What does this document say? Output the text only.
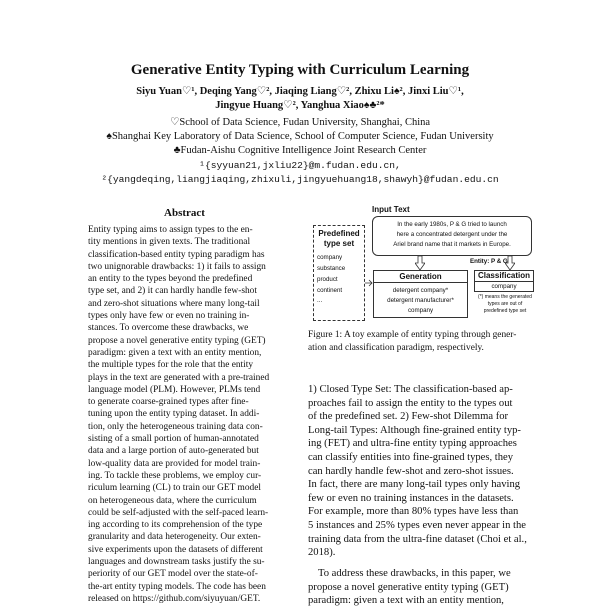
Generative Entity Typing with Curriculum Learning
Siyu Yuan♡¹, Deqing Yang♡², Jiaqing Liang♡², Zhixu Li♠², Jinxi Liu♡¹,
Jingyue Huang♡², Yanghua Xiao♠♣²*
♡School of Data Science, Fudan University, Shanghai, China
♠Shanghai Key Laboratory of Data Science, School of Computer Science, Fudan University
♣Fudan-Aishu Cognitive Intelligence Joint Research Center
¹{syyuan21,jxliu22}@m.fudan.edu.cn,
²{yangdeqing,liangjiaqing,zhixuli,jingyuehuang18,shawyh}@fudan.edu.cn
Abstract
Entity typing aims to assign types to the en-
tity mentions in given texts. The traditional
classification-based entity typing paradigm has
two unignorable drawbacks: 1) it fails to assign
an entity to the types beyond the predefined
type set, and 2) it can hardly handle few-shot
and zero-shot situations where many long-tail
types only have few or even no training in-
stances. To overcome these drawbacks, we
propose a novel generative entity typing (GET)
paradigm: given a text with an entity mention,
the multiple types for the role that the entity
plays in the text are generated with a pre-trained
language model (PLM). However, PLMs tend
to generate coarse-grained types after fine-
tuning upon the entity typing dataset. In addi-
tion, only the heterogeneous training data con-
sisting of a small portion of human-annotated
data and a large portion of auto-generated but
low-quality data are provided for model train-
ing. To tackle these problems, we employ cur-
riculum learning (CL) to train our GET model
on heterogeneous data, where the curriculum
could be self-adjusted with the self-paced learn-
ing according to its comprehension of the type
granularity and data heterogeneity. Our exten-
sive experiments upon the datasets of different
languages and downstream tasks justify the su-
periority of our GET model over the state-of-
the-art entity typing models. The code has been
released on https://github.com/siyuyuan/GET.
Input Text
In the early 1980s, P & G tried to launch
here a concentrated detergent under the
Ariel brand name that it markets in Europe.
Entity: P & G
Predefined
type set
company
substance
product
continent
...
Generation
detergent company*
detergent manufacturer*
company
Classification
company
(*) means the generated
types are out of
predefined type set
Figure 1: A toy example of entity typing through gener-
ation and classification paradigm, respectively.
1) Closed Type Set: The classification-based ap-
proaches fail to assign the entity to the types out
of the predefined set. 2) Few-shot Dilemma for
Long-tail Types: Although fine-grained entity typ-
ing (FET) and ultra-fine entity typing approaches
can classify entities into fine-grained types, they
can hardly handle few-shot and zero-shot issues.
In fact, there are many long-tail types only having
few or even no training instances in the datasets.
For example, more than 80% types have less than
5 instances and 25% types even never appear in the
training data from the ultra-fine dataset (Choi et al.,
2018).
To address these drawbacks, in this paper, we
propose a novel generative entity typing (GET)
paradigm: given a text with an entity mention,
